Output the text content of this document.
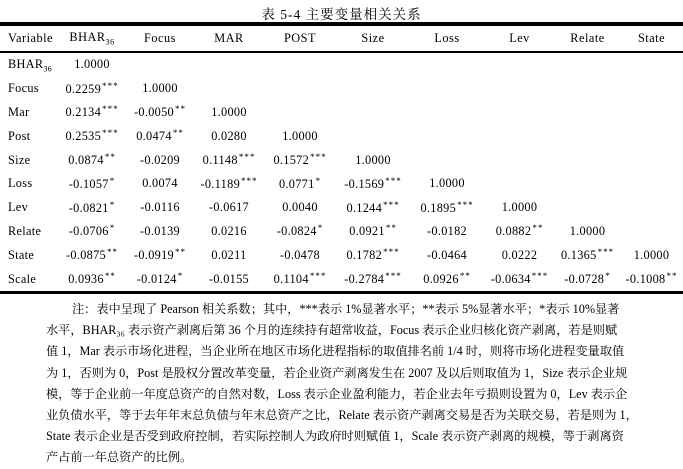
表 5-4 主要变量相关关系
Variable	$BHAR_{36}$	Focus	MAR	POST	Size	Loss	Lev	Relate	State
$BHAR_{36}$	1.0000								
Focus	0.2259***	1.0000							
Mar	0.2134***	-0.0050**	1.0000						
Post	0.2535***	0.0474**	0.0280	1.0000					
Size	0.0874**	-0.0209	0.1148***	0.1572***	1.0000				
Loss	-0.1057*	0.0074	-0.1189***	0.0771*	-0.1569***	1.0000			
Lev	-0.0821*	-0.0116	-0.0617	0.0040	0.1244***	0.1895***	1.0000		
Relate	-0.0706*	-0.0139	0.0216	-0.0824*	0.0921**	-0.0182	0.0882**	1.0000	
State	-0.0875**	-0.0919**	0.0211	-0.0478	0.1782***	-0.0464	0.0222	0.1365***	1.0000
Scale	0.0936**	-0.0124*	-0.0155	0.1104***	-0.2784***	0.0926**	-0.0634***	-0.0728*	-0.1008**
注：表中呈现了 Pearson 相关系数；其中，***表示 1%显著水平；**表示 5%显著水平；*表示 10%显著
水平，BHAR₃₆ 表示资产剥离后第 36 个月的连续持有超常收益，Focus 表示企业归核化资产剥离，若是则赋
值 1，Mar 表示市场化进程，当企业所在地区市场化进程指标的取值排名前 1/4 时，则将市场化进程变量取值
为 1，否则为 0，Post 是股权分置改革变量，若企业资产剥离发生在 2007 及以后则取值为 1，Size 表示企业规
模，等于企业前一年度总资产的自然对数，Loss 表示企业盈利能力，若企业去年亏损则设置为 0，Lev 表示企
业负债水平，等于去年年末总负债与年末总资产之比，Relate 表示资产剥离交易是否为关联交易，若是则为 1，
State 表示企业是否受到政府控制，若实际控制人为政府时则赋值 1，Scale 表示资产剥离的规模，等于剥离资
产占前一年总资产的比例。
